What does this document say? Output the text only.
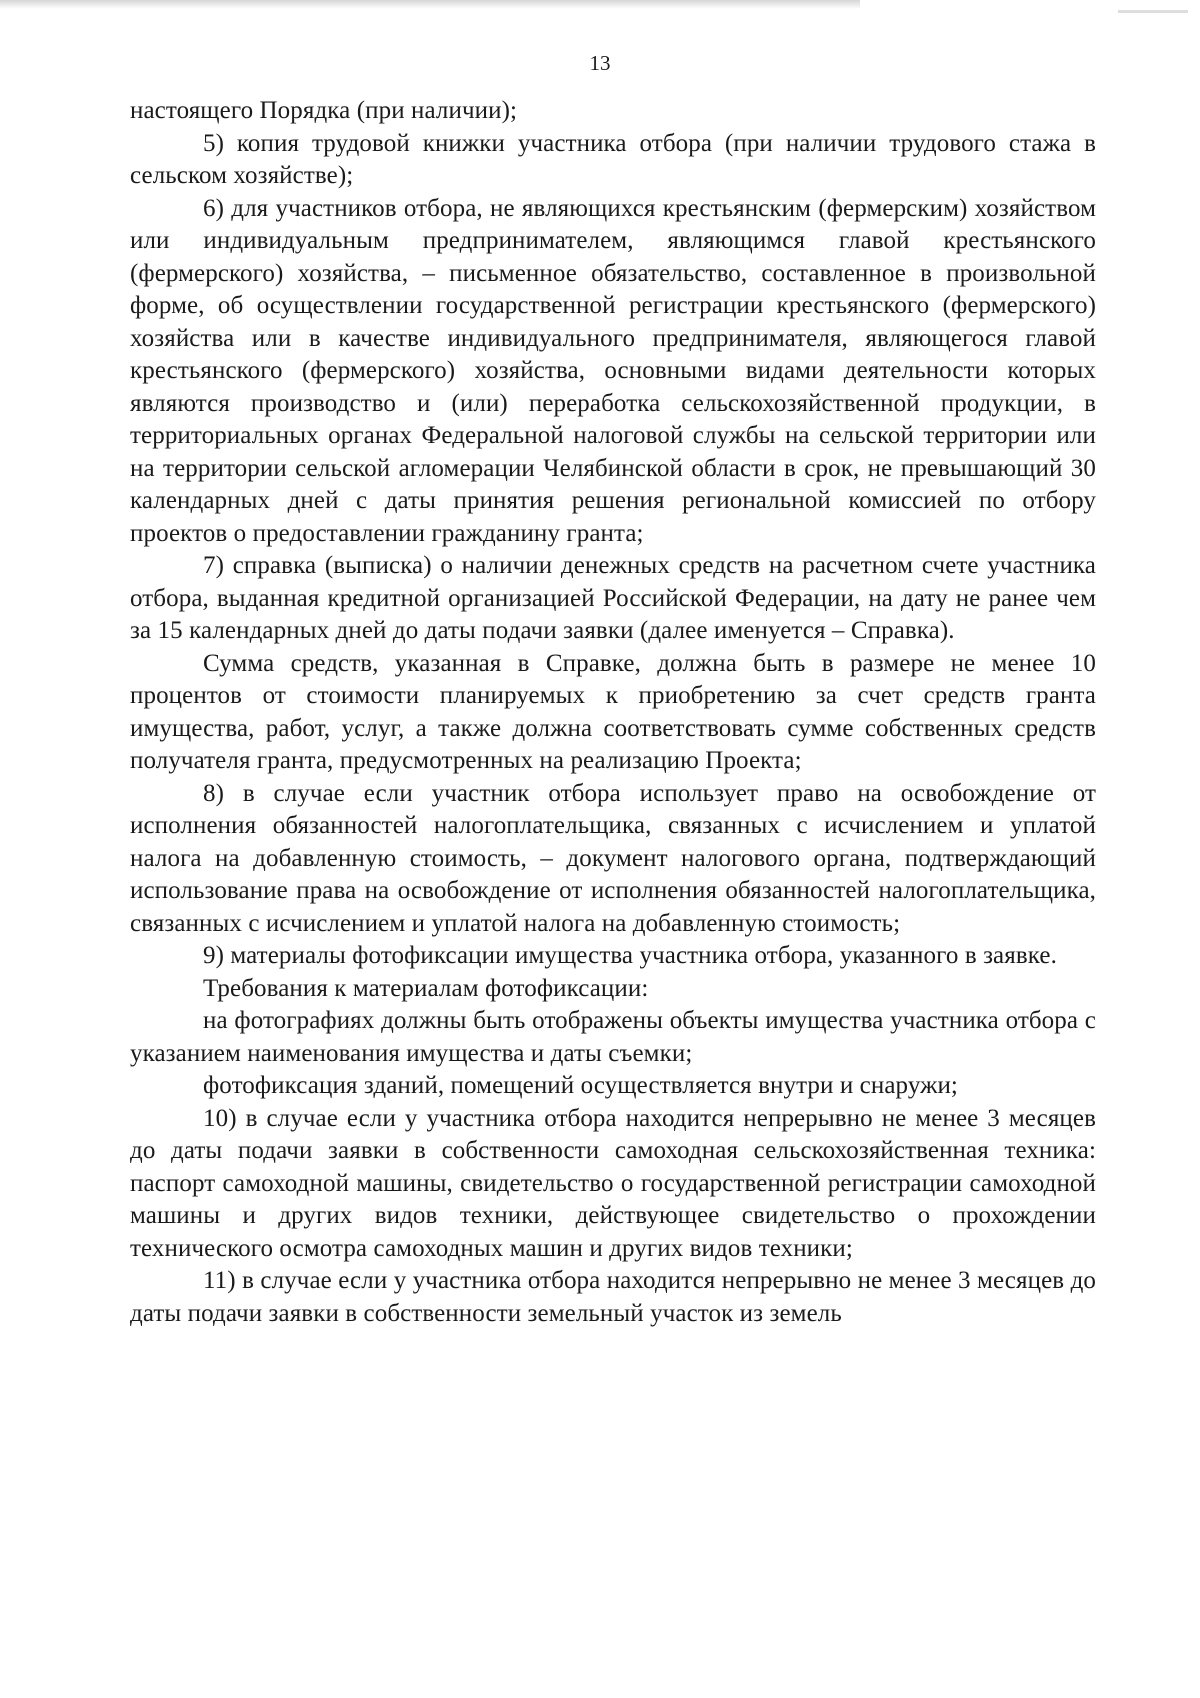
13

настоящего Порядка (при наличии);

5) копия трудовой книжки участника отбора (при наличии трудового стажа в сельском хозяйстве);

6) для участников отбора, не являющихся крестьянским (фермерским) хозяйством или индивидуальным предпринимателем, являющимся главой крестьянского (фермерского) хозяйства, – письменное обязательство, составленное в произвольной форме, об осуществлении государственной регистрации крестьянского (фермерского) хозяйства или в качестве индивидуального предпринимателя, являющегося главой крестьянского (фермерского) хозяйства, основными видами деятельности которых являются производство и (или) переработка сельскохозяйственной продукции, в территориальных органах Федеральной налоговой службы на сельской территории или на территории сельской агломерации Челябинской области в срок, не превышающий 30 календарных дней с даты принятия решения региональной комиссией по отбору проектов о предоставлении гражданину гранта;

7) справка (выписка) о наличии денежных средств на расчетном счете участника отбора, выданная кредитной организацией Российской Федерации, на дату не ранее чем за 15 календарных дней до даты подачи заявки (далее именуется – Справка).

Сумма средств, указанная в Справке, должна быть в размере не менее 10 процентов от стоимости планируемых к приобретению за счет средств гранта имущества, работ, услуг, а также должна соответствовать сумме собственных средств получателя гранта, предусмотренных на реализацию Проекта;

8) в случае если участник отбора использует право на освобождение от исполнения обязанностей налогоплательщика, связанных с исчислением и уплатой налога на добавленную стоимость, – документ налогового органа, подтверждающий использование права на освобождение от исполнения обязанностей налогоплательщика, связанных с исчислением и уплатой налога на добавленную стоимость;

9) материалы фотофиксации имущества участника отбора, указанного в заявке.

Требования к материалам фотофиксации:

на фотографиях должны быть отображены объекты имущества участника отбора с указанием наименования имущества и даты съемки;

фотофиксация зданий, помещений осуществляется внутри и снаружи;

10) в случае если у участника отбора находится непрерывно не менее 3 месяцев до даты подачи заявки в собственности самоходная сельскохозяйственная техника: паспорт самоходной машины, свидетельство о государственной регистрации самоходной машины и других видов техники, действующее свидетельство о прохождении технического осмотра самоходных машин и других видов техники;

11) в случае если у участника отбора находится непрерывно не менее 3 месяцев до даты подачи заявки в собственности земельный участок из земель
